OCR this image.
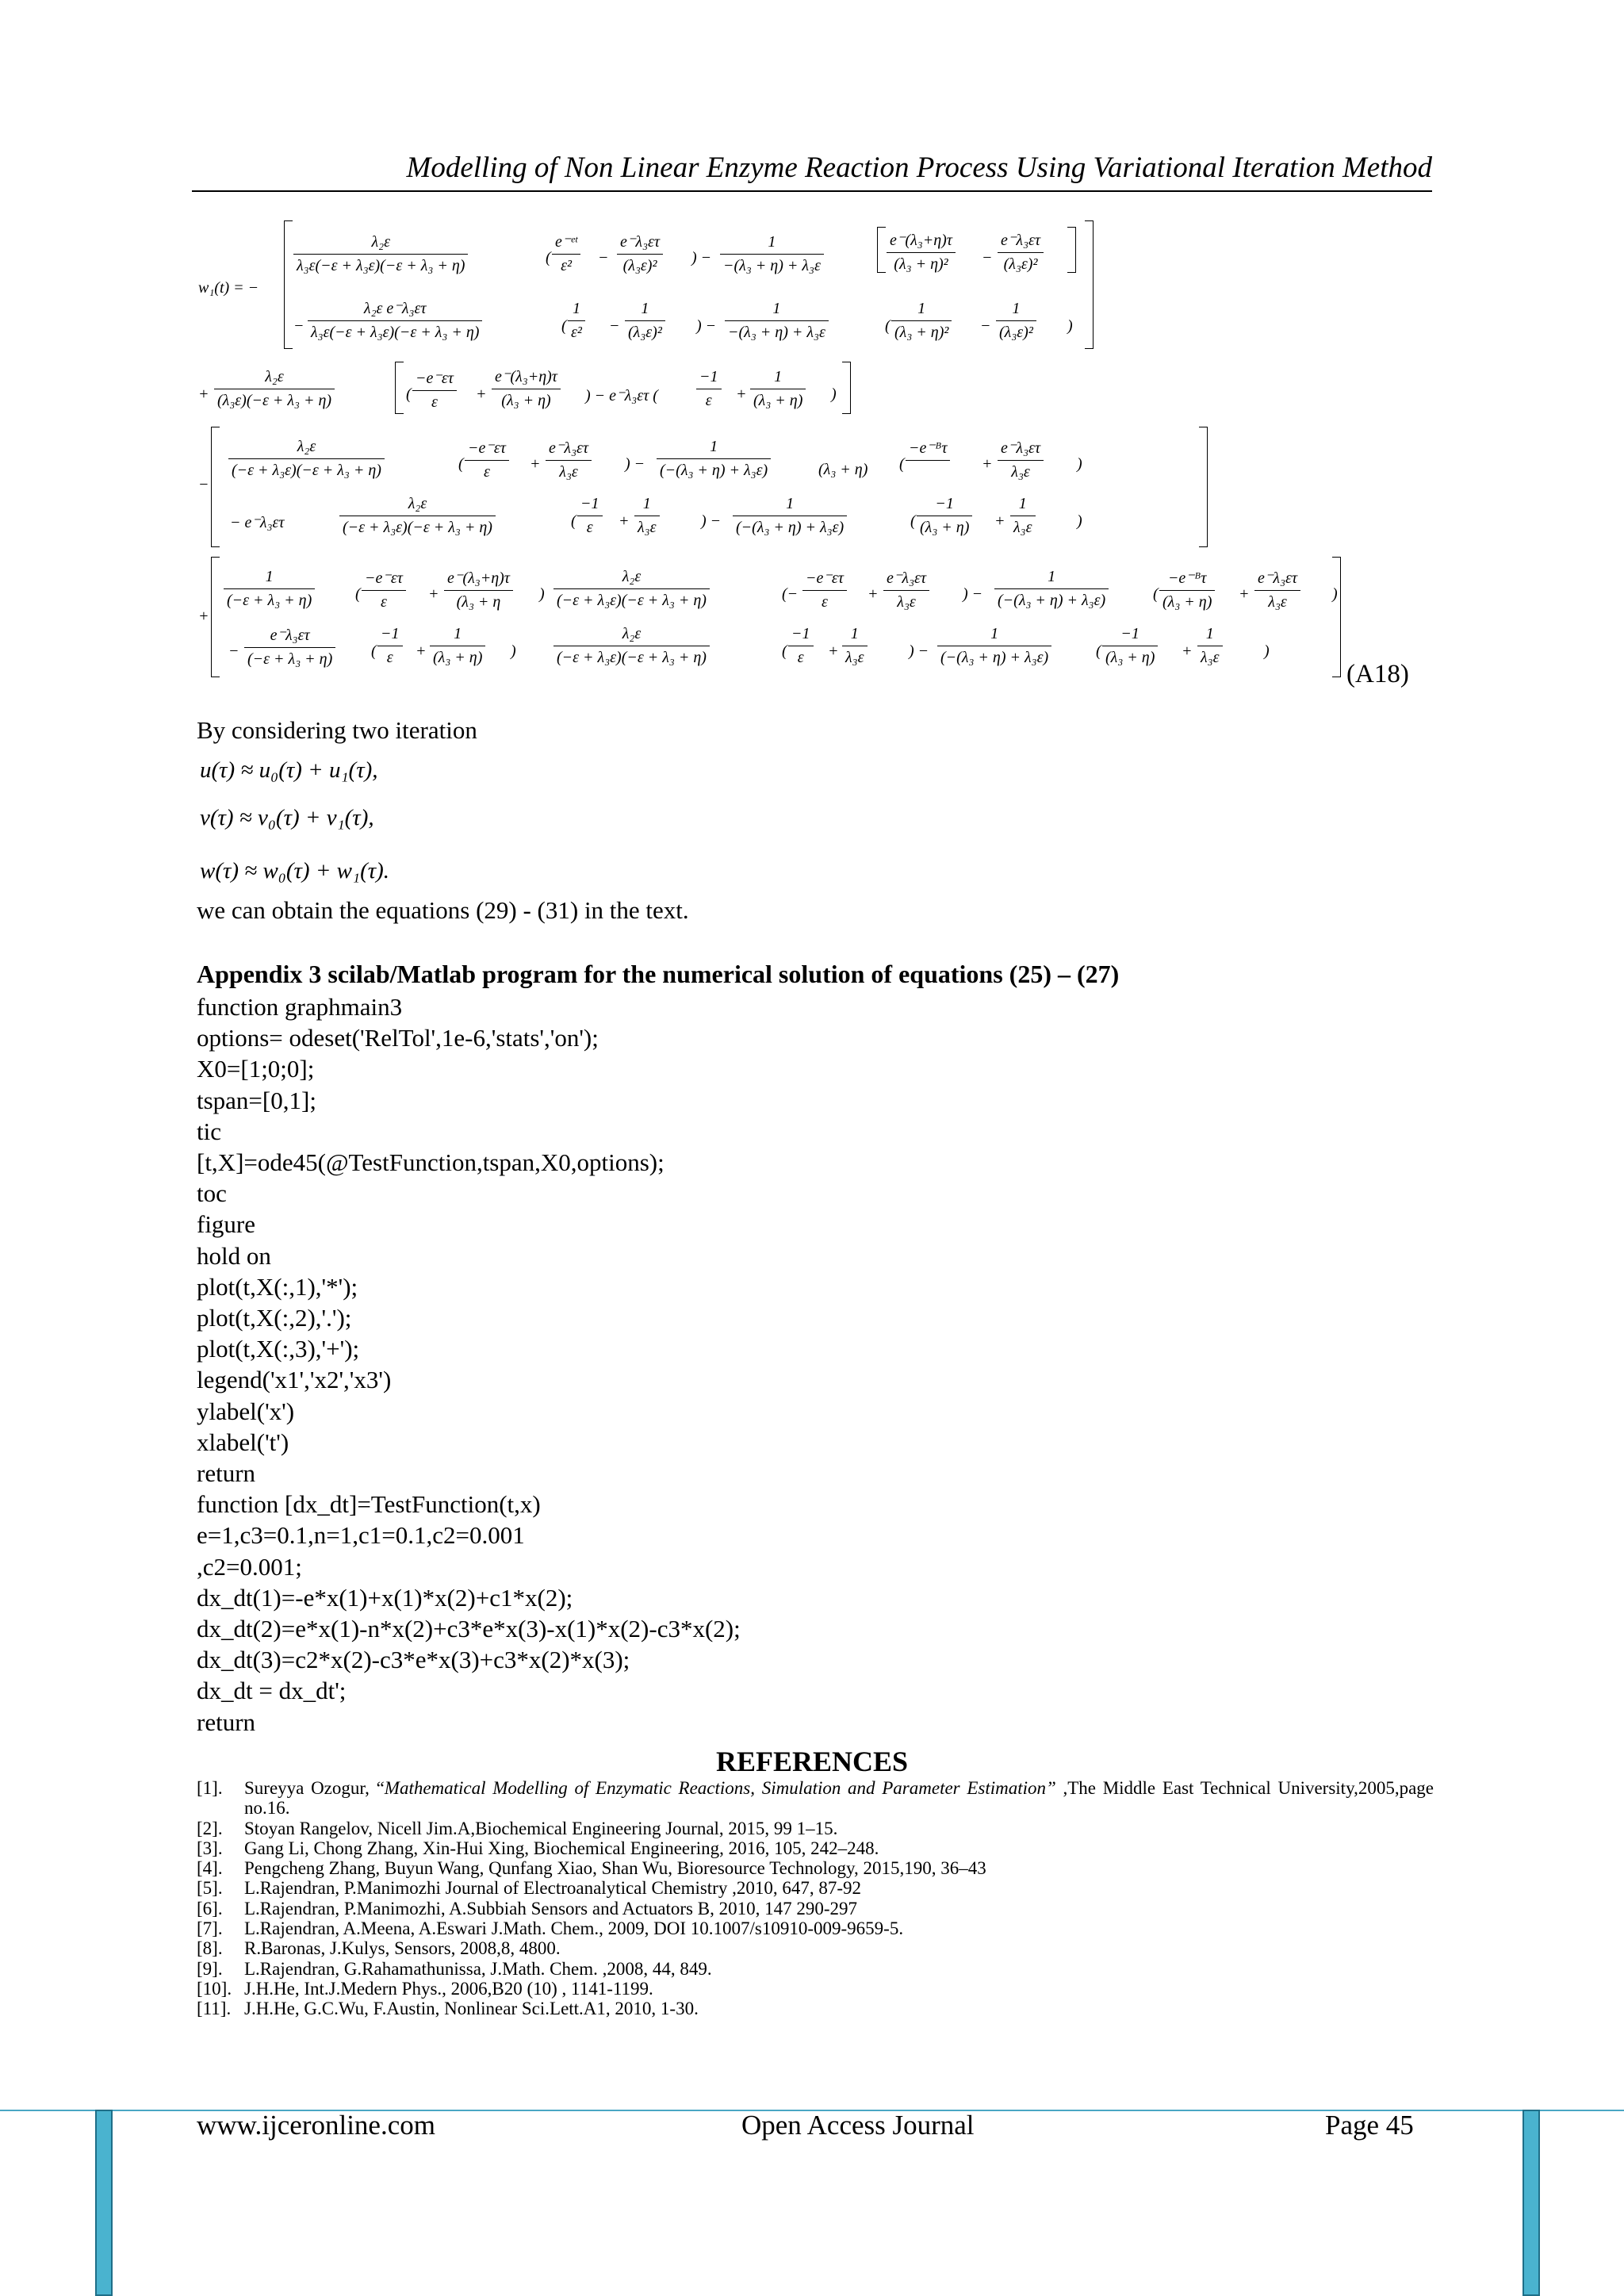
Modelling of Non Linear Enzyme Reaction Process Using Variational Iteration Method
w₁(t) = −
λ₂ε
λ₃ε(−ε + λ₃ε)(−ε + λ₃ + η)	(
e⁻ᵉᵗ
ε² −
e⁻λ₃ετ
(λ₃ε)² ) −
1
−(λ₃ + η) + λ₃ε
e⁻(λ₃+η)τ
(λ₃ + η)² −
e⁻λ₃ετ
(λ₃ε)²
−
λ₂ε e⁻λ₃ετ
λ₃ε(−ε + λ₃ε)(−ε + λ₃ + η)	(
1
ε² −
1
(λ₃ε)² ) −
1
−(λ₃ + η) + λ₃ε	(
1
(λ₃ + η)² −
1
(λ₃ε)² )
+
λ₂ε
(λ₃ε)(−ε + λ₃ + η)	(
−e⁻ετ
ε +
e⁻(λ₃+η)τ
(λ₃ + η) ) − e⁻λ₃ετ (
−1
ε +
1
(λ₃ + η) )
−
λ₂ε
(−ε + λ₃ε)(−ε + λ₃ + η)	(
−e⁻ετ
ε	+
e⁻λ₃ετ
λ₃ε	) −
1
(−(λ₃ + η) + λ₃ε)
	(λ₃ + η) (
−e⁻ᴮτ

+
e⁻λ₃ετ
λ₃ε	)
− e⁻λ₃ετ
λ₂ε
(−ε + λ₃ε)(−ε + λ₃ + η)	(
−1
ε +
1
λ₃ε	) −
1
(−(λ₃ + η) + λ₃ε)	(
−1
(λ₃ + η) +
1
λ₃ε	)
+
1
(−ε + λ₃ + η)	(
−e⁻ετ
ε	+
e⁻(λ₃+η)τ
(λ₃ + η )
λ₂ε
(−ε + λ₃ε)(−ε + λ₃ + η)	(−
−e⁻ετ
ε	+
e⁻λ₃ετ
λ₃ε	) −
1
(−(λ₃ + η) + λ₃ε)	(
−e⁻ᴮτ
(λ₃ + η) +
e⁻λ₃ετ
λ₃ε	)
−
e⁻λ₃ετ
(−ε + λ₃ + η) (
−1
ε +
1
(λ₃ + η) )
λ₂ε
(−ε + λ₃ε)(−ε + λ₃ + η)	(
−1
ε +
1
λ₃ε	) −
1
(−(λ₃ + η) + λ₃ε)	(
−1
(λ₃ + η) +
1
λ₃ε	)
(A18)
By considering two iteration
u(τ) ≈ u₀(τ) + u₁(τ),
v(τ) ≈ v₀(τ) + v₁(τ),
w(τ) ≈ w₀(τ) + w₁(τ).
we can obtain the equations (29) - (31) in the text.
Appendix 3 scilab/Matlab program for the numerical solution of equations (25) – (27)
function graphmain3
options= odeset('RelTol',1e-6,'stats','on');
X0=[1;0;0];
tspan=[0,1];
tic
[t,X]=ode45(@TestFunction,tspan,X0,options);
toc
figure
hold on
plot(t,X(:,1),'*');
plot(t,X(:,2),'.');
plot(t,X(:,3),'+');
legend('x1','x2','x3')
ylabel('x')
xlabel('t')
return
function [dx_dt]=TestFunction(t,x)
e=1,c3=0.1,n=1,c1=0.1,c2=0.001
,c2=0.001;
dx_dt(1)=-e*x(1)+x(1)*x(2)+c1*x(2);
dx_dt(2)=e*x(1)-n*x(2)+c3*e*x(3)-x(1)*x(2)-c3*x(2);
dx_dt(3)=c2*x(2)-c3*e*x(3)+c3*x(2)*x(3);
dx_dt = dx_dt';
return
REFERENCES
[1]. Sureyya Ozogur, “Mathematical Modelling of Enzymatic Reactions, Simulation and Parameter Estimation” ,The Middle East Technical University,2005,page no.16.
[2]. Stoyan Rangelov, Nicell Jim.A,Biochemical Engineering Journal, 2015, 99 1–15.
[3]. Gang Li, Chong Zhang, Xin-Hui Xing, Biochemical Engineering, 2016, 105, 242–248.
[4]. Pengcheng Zhang, Buyun Wang, Qunfang Xiao, Shan Wu, Bioresource Technology, 2015,190, 36–43
[5]. L.Rajendran, P.Manimozhi Journal of Electroanalytical Chemistry ,2010, 647, 87-92
[6]. L.Rajendran, P.Manimozhi, A.Subbiah Sensors and Actuators B, 2010, 147 290-297
[7]. L.Rajendran, A.Meena, A.Eswari J.Math. Chem., 2009, DOI 10.1007/s10910-009-9659-5.
[8]. R.Baronas, J.Kulys, Sensors, 2008,8, 4800.
[9]. L.Rajendran, G.Rahamathunissa, J.Math. Chem. ,2008, 44, 849.
[10]. J.H.He, Int.J.Medern Phys., 2006,B20 (10) , 1141-1199.
[11]. J.H.He, G.C.Wu, F.Austin, Nonlinear Sci.Lett.A1, 2010, 1-30.
www.ijceronline.com	Open Access Journal	Page 45
